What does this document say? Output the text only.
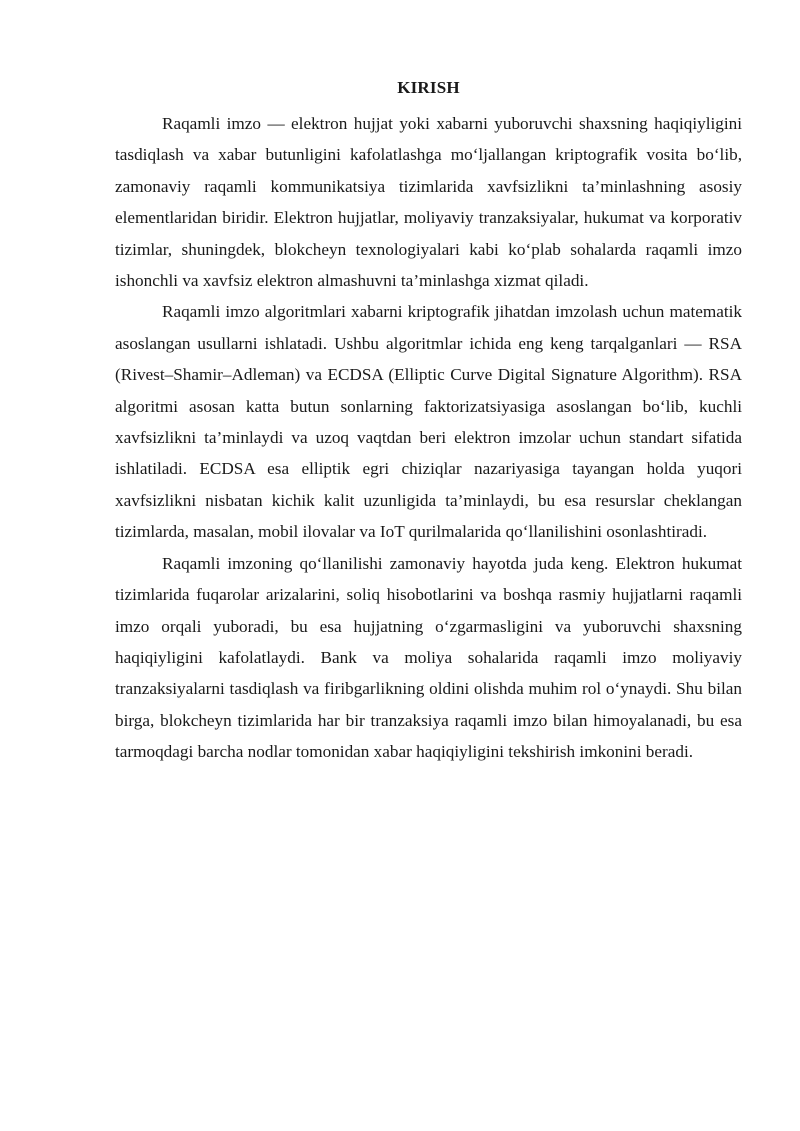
KIRISH

Raqamli imzo — elektron hujjat yoki xabarni yuboruvchi shaxsning haqiqiyligini tasdiqlash va xabar butunligini kafolatlashga mo‘ljallangan kriptografik vosita bo‘lib, zamonaviy raqamli kommunikatsiya tizimlarida xavfsizlikni ta’minlashning asosiy elementlaridan biridir. Elektron hujjatlar, moliyaviy tranzaksiyalar, hukumat va korporativ tizimlar, shuningdek, blokcheyn texnologiyalari kabi ko‘plab sohalarda raqamli imzo ishonchli va xavfsiz elektron almashuvni ta’minlashga xizmat qiladi.

Raqamli imzo algoritmlari xabarni kriptografik jihatdan imzolash uchun matematik asoslangan usullarni ishlatadi. Ushbu algoritmlar ichida eng keng tarqalganlari — RSA (Rivest–Shamir–Adleman) va ECDSA (Elliptic Curve Digital Signature Algorithm). RSA algoritmi asosan katta butun sonlarning faktorizatsiyasiga asoslangan bo‘lib, kuchli xavfsizlikni ta’minlaydi va uzoq vaqtdan beri elektron imzolar uchun standart sifatida ishlatiladi. ECDSA esa elliptik egri chiziqlar nazariyasiga tayangan holda yuqori xavfsizlikni nisbatan kichik kalit uzunligida ta’minlaydi, bu esa resurslar cheklangan tizimlarda, masalan, mobil ilovalar va IoT qurilmalarida qo‘llanilishini osonlashtiradi.

Raqamli imzoning qo‘llanilishi zamonaviy hayotda juda keng. Elektron hukumat tizimlarida fuqarolar arizalarini, soliq hisobotlarini va boshqa rasmiy hujjatlarni raqamli imzo orqali yuboradi, bu esa hujjatning o‘zgarmasligini va yuboruvchi shaxsning haqiqiyligini kafolatlaydi. Bank va moliya sohalarida raqamli imzo moliyaviy tranzaksiyalarni tasdiqlash va firibgarlikning oldini olishda muhim rol o‘ynaydi. Shu bilan birga, blokcheyn tizimlarida har bir tranzaksiya raqamli imzo bilan himoyalanadi, bu esa tarmoqdagi barcha nodlar tomonidan xabar haqiqiyligini tekshirish imkonini beradi.
